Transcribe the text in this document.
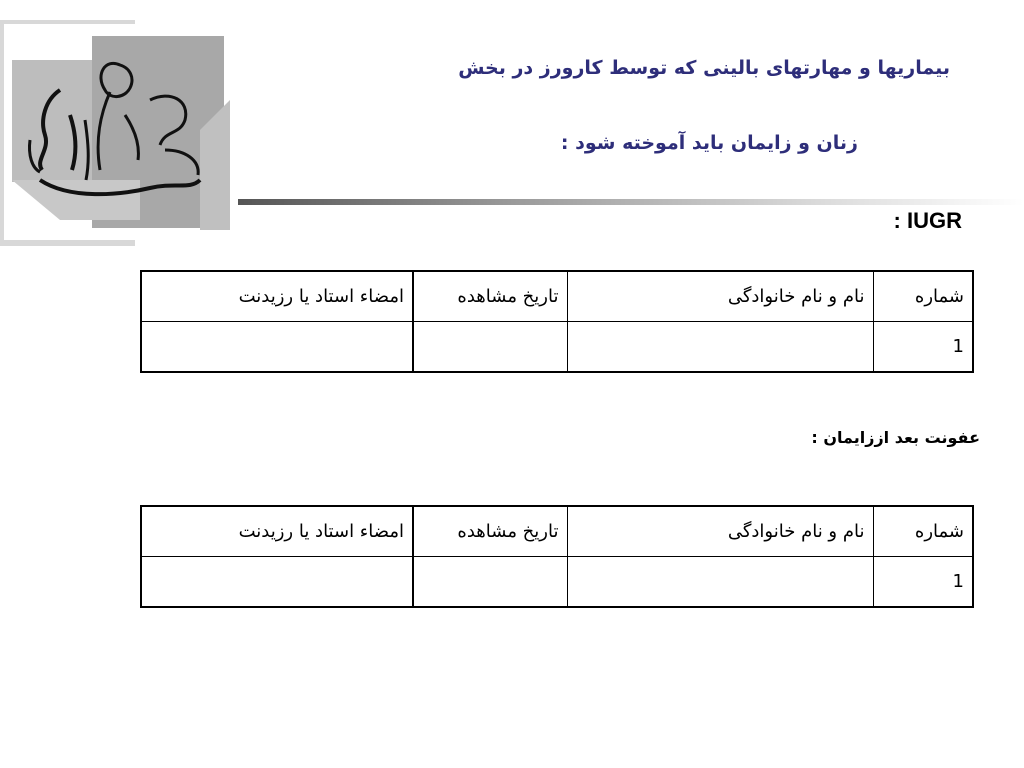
بیماریها و مهارتهای بالینی که توسط کارورز در بخش
زنان و زایمان باید آموخته شود :
IUGR :
شماره	نام و نام خانوادگی	تاریخ مشاهده	امضاء استاد یا رزیدنت
1			
عفونت بعد اززایمان :
شماره	نام و نام خانوادگی	تاریخ مشاهده	امضاء استاد یا رزیدنت
1			
